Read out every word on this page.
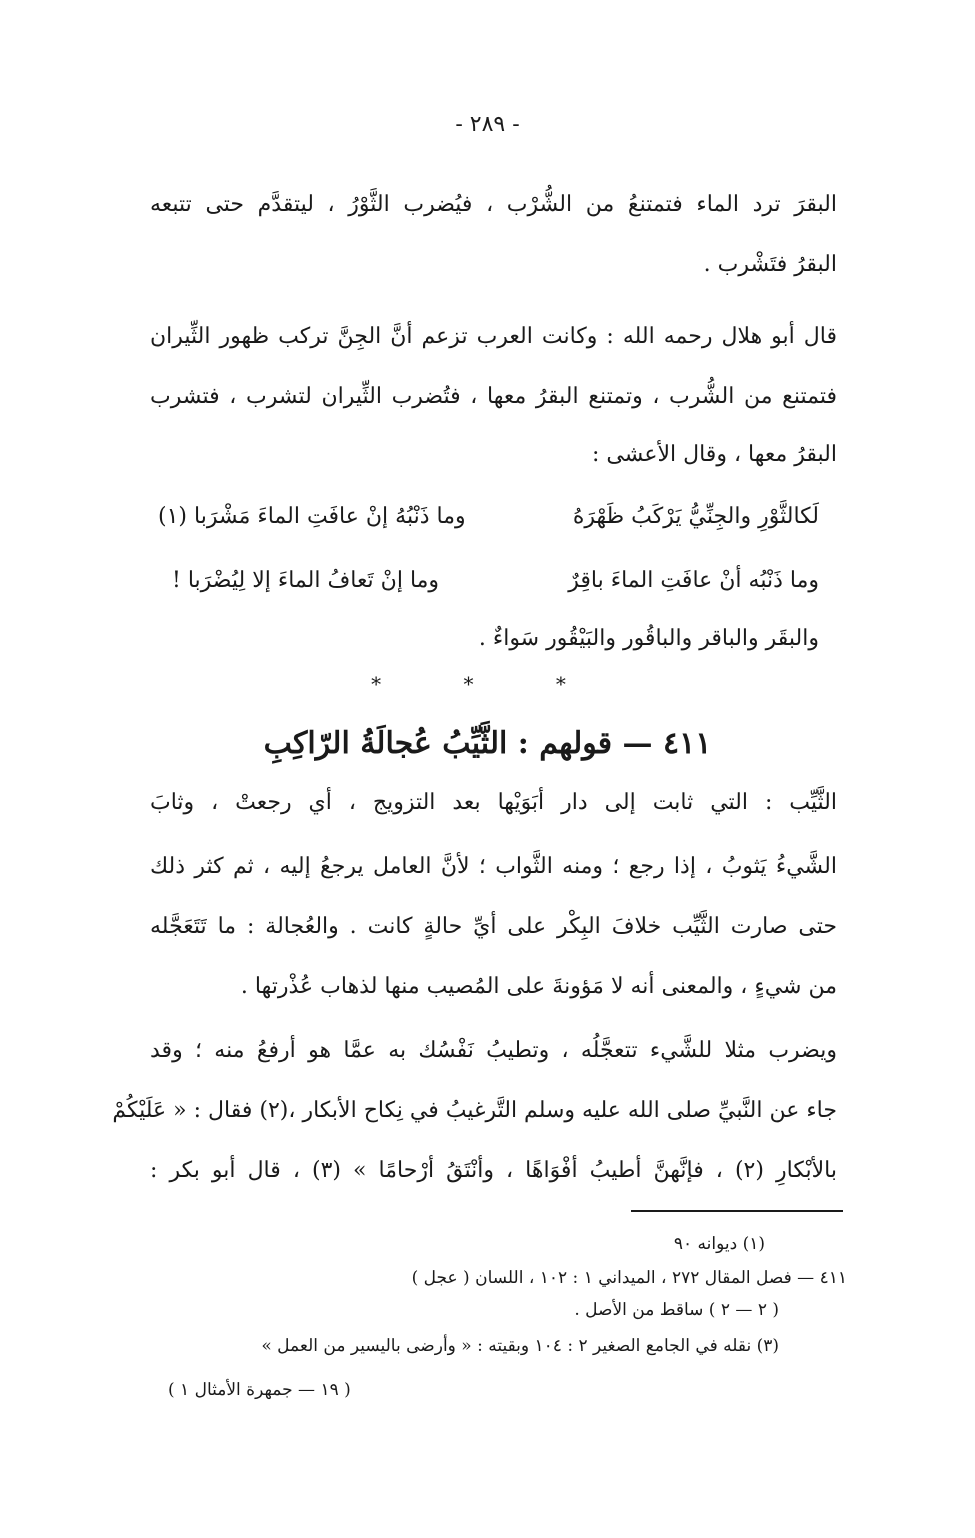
- ٢٨٩ -
البقرَ ترد الماء فتمتنعُ من الشُّرْب ، فيُضرب الثَّوْرُ ، ليتقدَّم حتى تتبعه
البقرُ فتَشْرب .
قال أبو هلال رحمه الله : وكانت العرب تزعم أنَّ الجِنَّ تركب ظهور الثِّيران
فتمتنع من الشُّرب ، وتمتنع البقرُ معها ، فتُضرب الثِّيران لتشرب ، فتشرب
البقرُ معها ، وقال الأعشى :
لَكالثَّوْرِ والجِنِّيُّ يَرْكَبُ ظَهْرَهُ
وما ذَنْبُهُ إنْ عافَتِ الماءَ مَشْرَبا (١)
وما ذَنْبُه أنْ عافَتِ الماءَ باقِرٌ
وما إنْ تَعافُ الماءَ إلا لِيُضْرَبا !
والبقَر والباقر والباقُور والبَيْقُور سَواءٌ .
* * *
٤١١ — قولهم : الثَّيِّبُ عُجالَةُ الرّاكِبِ
الثَّيِّب : التي ثابت إلى دار أبَوَيْها بعد التزويج ، أي رجعتْ ، وثابَ
الشَّيءُ يَثوبُ ، إذا رجع ؛ ومنه الثَّواب ؛ لأنَّ العامل يرجعُ إليه ، ثم كثر ذلك
حتى صارت الثَّيِّب خلافَ البِكْر على أيِّ حالةٍ كانت . والعُجالة : ما تَتَعَجَّله
من شيءٍ ، والمعنى أنه لا مَؤونةَ على المُصيب منها لذهاب عُذْرتها .
ويضرب مثلا للشَّيء تتعجَّلُه ، وتطيبُ نَفْسُك به عمَّا هو أرفعُ منه ؛ وقد
جاء عن النَّبيِّ صلى الله عليه وسلم التَّرغيبُ في نِكاح الأبكار ،(٢) فقال : « عَلَيْكُمْ
بالأبْكارِ (٢) ، فإنَّهنَّ أطيبُ أفْوَاهًا ، وأنْتَقُ أرْحامًا » (٣) ، قال أبو بكر :
(١) ديوانه ٩٠
٤١١ — فصل المقال ٢٧٢ ، الميداني ١ : ١٠٢ ، اللسان ( عجل )
( ٢ — ٢ ) ساقط من الأصل .
(٣) نقله في الجامع الصغير ٢ : ١٠٤ وبقيته : « وأرضى باليسير من العمل »
( ١٩ — جمهرة الأمثال ١ )
